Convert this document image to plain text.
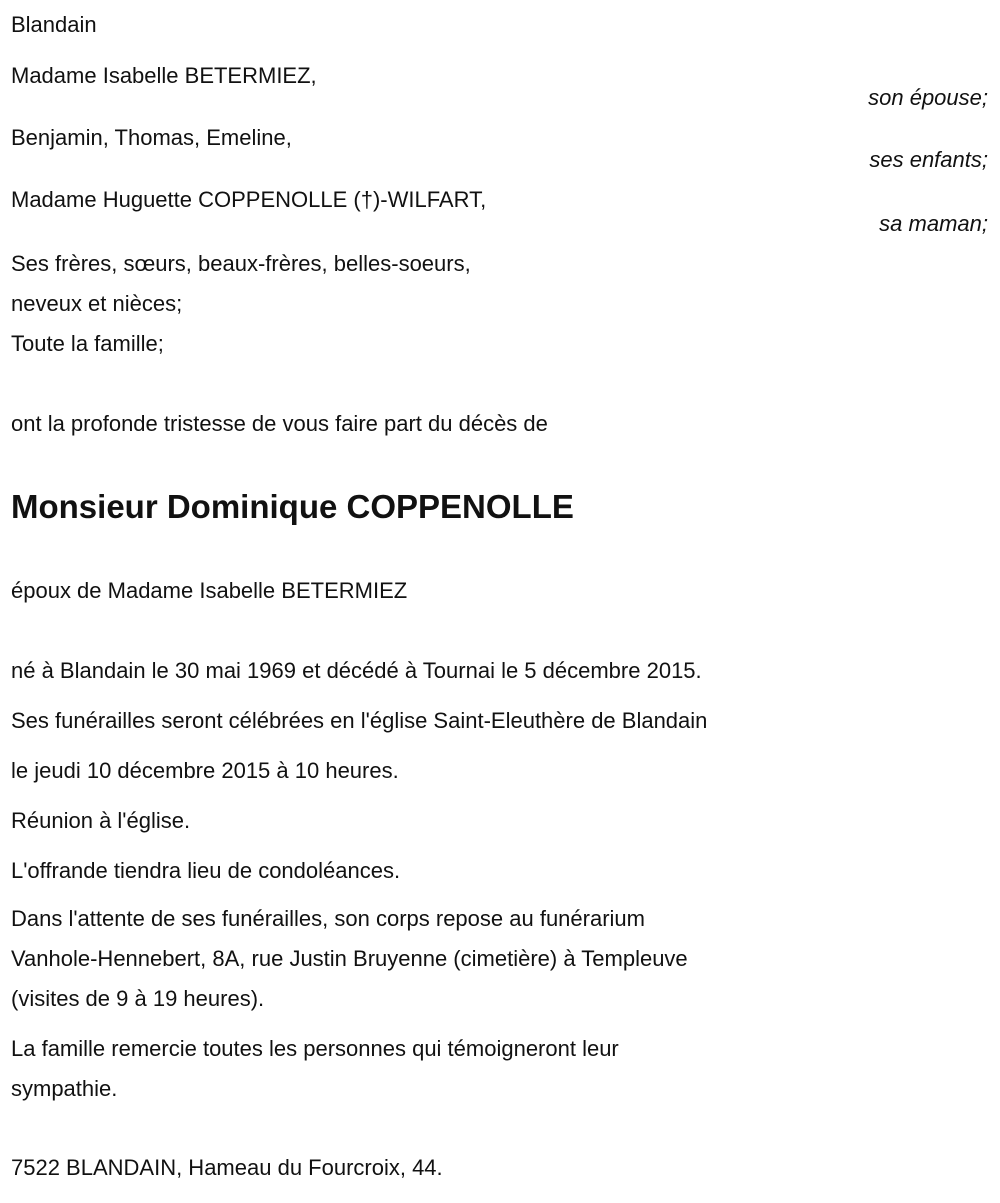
Blandain
Madame Isabelle BETERMIEZ,
son épouse;
Benjamin, Thomas, Emeline,
ses enfants;
Madame Huguette COPPENOLLE (†)-WILFART,
sa maman;
Ses frères, sœurs, beaux-frères, belles-soeurs,
neveux et nièces;
Toute la famille;
ont la profonde tristesse de vous faire part du décès de
Monsieur Dominique COPPENOLLE
époux de Madame Isabelle BETERMIEZ
né à Blandain le 30 mai 1969 et décédé à Tournai le 5 décembre 2015.
Ses funérailles seront célébrées en l'église Saint-Eleuthère de Blandain
le jeudi 10 décembre 2015 à 10 heures.
Réunion à l'église.
L'offrande tiendra lieu de condoléances.
Dans l'attente de ses funérailles, son corps repose au funérarium
Vanhole-Hennebert, 8A, rue Justin Bruyenne (cimetière) à Templeuve
(visites de 9 à 19 heures).
La famille remercie toutes les personnes qui témoigneront leur
sympathie.
7522 BLANDAIN, Hameau du Fourcroix, 44.
